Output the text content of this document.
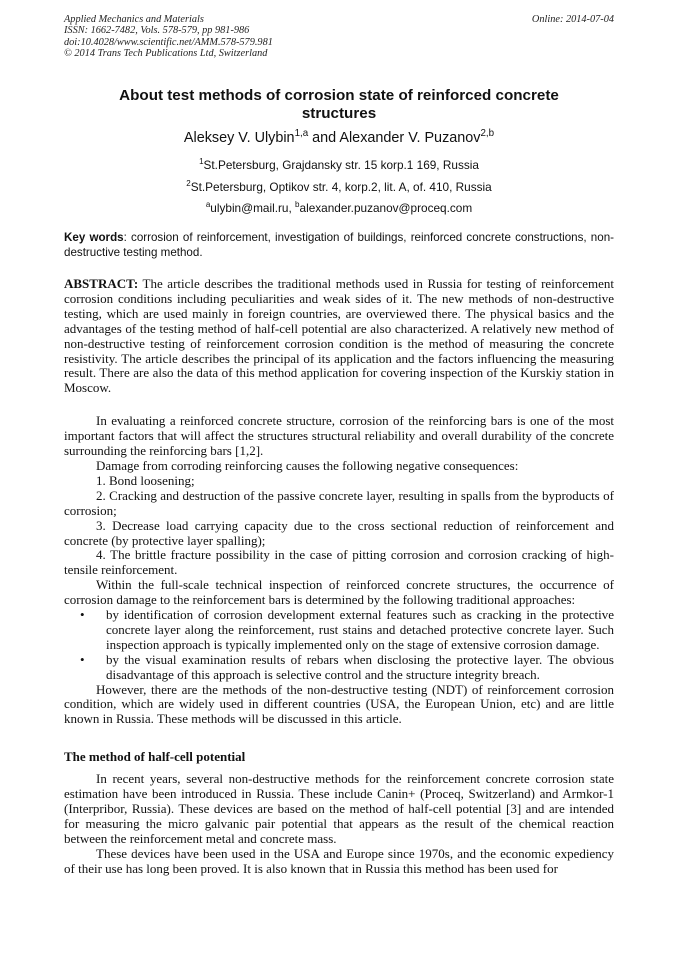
Applied Mechanics and Materials
ISSN: 1662-7482, Vols. 578-579, pp 981-986
doi:10.4028/www.scientific.net/AMM.578-579.981
© 2014 Trans Tech Publications Ltd, Switzerland
Online: 2014-07-04
About test methods of corrosion state of reinforced concrete structures
Aleksey V. Ulybin$^{1,a}$ and Alexander V. Puzanov$^{2,b}$
$^1$St.Petersburg, Grajdansky str. 15 korp.1 169, Russia
$^2$St.Petersburg, Optikov str. 4, korp.2, lit. A, of. 410, Russia
$^a$ulybin@mail.ru, $^b$alexander.puzanov@proceq.com
Key words: corrosion of reinforcement, investigation of buildings, reinforced concrete constructions, non-destructive testing method.
ABSTRACT: The article describes the traditional methods used in Russia for testing of reinforcement corrosion conditions including peculiarities and weak sides of it. The new methods of non-destructive testing, which are used mainly in foreign countries, are overviewed there. The physical basics and the advantages of the testing method of half-cell potential are also characterized. A relatively new method of non-destructive testing of reinforcement corrosion condition is the method of measuring the concrete resistivity. The article describes the principal of its application and the factors influencing the measuring result. There are also the data of this method application for covering inspection of the Kurskiy station in Moscow.

In evaluating a reinforced concrete structure, corrosion of the reinforcing bars is one of the most important factors that will affect the structures structural reliability and overall durability of the concrete surrounding the reinforcing bars [1,2].

Damage from corroding reinforcing causes the following negative consequences:

1. Bond loosening;

2. Cracking and destruction of the passive concrete layer, resulting in spalls from the byproducts of corrosion;

3. Decrease load carrying capacity due to the cross sectional reduction of reinforcement and concrete (by protective layer spalling);

4. The brittle fracture possibility in the case of pitting corrosion and corrosion cracking of high-tensile reinforcement.

Within the full-scale technical inspection of reinforced concrete structures, the occurrence of corrosion damage to the reinforcement bars is determined by the following traditional approaches:

• by identification of corrosion development external features such as cracking in the protective concrete layer along the reinforcement, rust stains and detached protective concrete layer. Such inspection approach is typically implemented only on the stage of extensive corrosion damage.
• by the visual examination results of rebars when disclosing the protective layer. The obvious disadvantage of this approach is selective control and the structure integrity breach.

However, there are the methods of the non-destructive testing (NDT) of reinforcement corrosion condition, which are widely used in different countries (USA, the European Union, etc) and are little known in Russia. These methods will be discussed in this article.

The method of half-cell potential

In recent years, several non-destructive methods for the reinforcement concrete corrosion state estimation have been introduced in Russia. These include Canin+ (Proceq, Switzerland) and Armkor-1 (Interpribor, Russia). These devices are based on the method of half-cell potential [3] and are intended for measuring the micro galvanic pair potential that appears as the result of the chemical reaction between the reinforcement metal and concrete mass.

These devices have been used in the USA and Europe since 1970s, and the economic expediency of their use has long been proved. It is also known that in Russia this method has been used for
